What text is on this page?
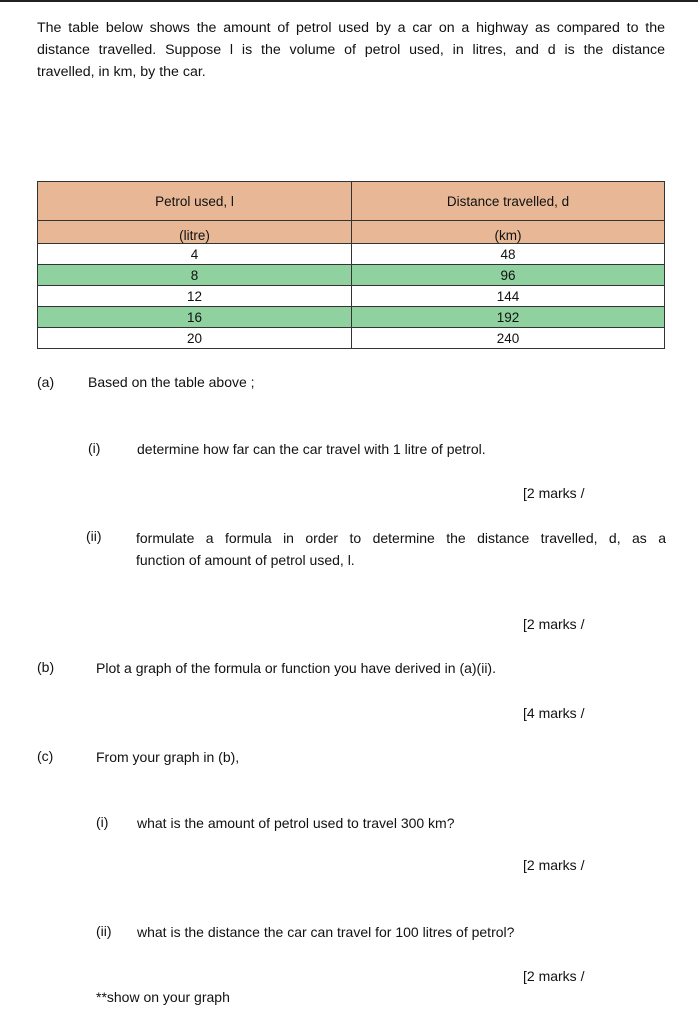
The table below shows the amount of petrol used by a car on a highway as compared to the
distance travelled. Suppose l is the volume of petrol used, in litres, and d is the distance
travelled, in km, by the car.
Petrol used, l	Distance travelled, d
(litre)	(km)
4	48
8	96
12	144
16	192
20	240
(a) Based on the table above ;
(i)	determine how far can the car travel with 1 litre of petrol.
[2 marks /
(ii) formulate a formula in order to determine the distance travelled, d, as a
function of amount of petrol used, l.
[2 marks /
(b)	Plot a graph of the formula or function you have derived in (a)(ii).
[4 marks /
(c)	From your graph in (b),
(i) what is the amount of petrol used to travel 300 km?
[2 marks /
(ii) what is the distance the car can travel for 100 litres of petrol?
[2 marks /
**show on your graph
